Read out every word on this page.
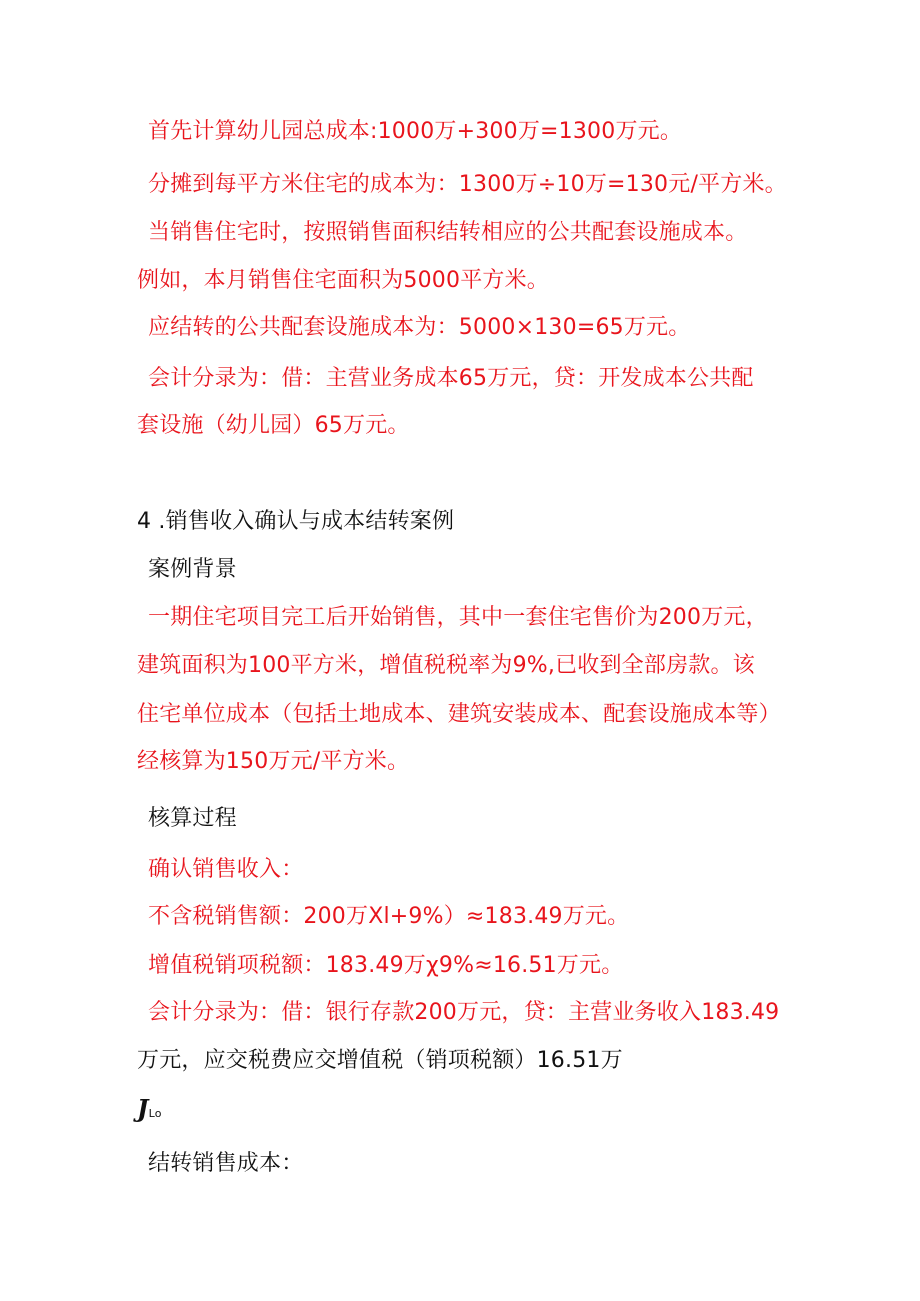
首先计算幼儿园总成本:1000万+300万=1300万元。
分摊到每平方米住宅的成本为：1300万÷10万=130元/平方米。
当销售住宅时，按照销售面积结转相应的公共配套设施成本。
例如，本月销售住宅面积为5000平方米。
应结转的公共配套设施成本为：5000×130=65万元。
会计分录为：借：主营业务成本65万元，贷：开发成本公共配
套设施（幼儿园）65万元。
4 .销售收入确认与成本结转案例
案例背景
一期住宅项目完工后开始销售，其中一套住宅售价为200万元，
建筑面积为100平方米，增值税税率为9%,已收到全部房款。该
住宅单位成本（包括土地成本、建筑安装成本、配套设施成本等）
经核算为150万元/平方米。
核算过程
确认销售收入：
不含税销售额：200万Xl+9%）≈183.49万元。
增值税销项税额：183.49万χ9%≈16.51万元。
会计分录为：借：银行存款200万元，贷：主营业务收入183.49
万元，应交税费应交增值税（销项税额）16.51万
JLo
结转销售成本：
